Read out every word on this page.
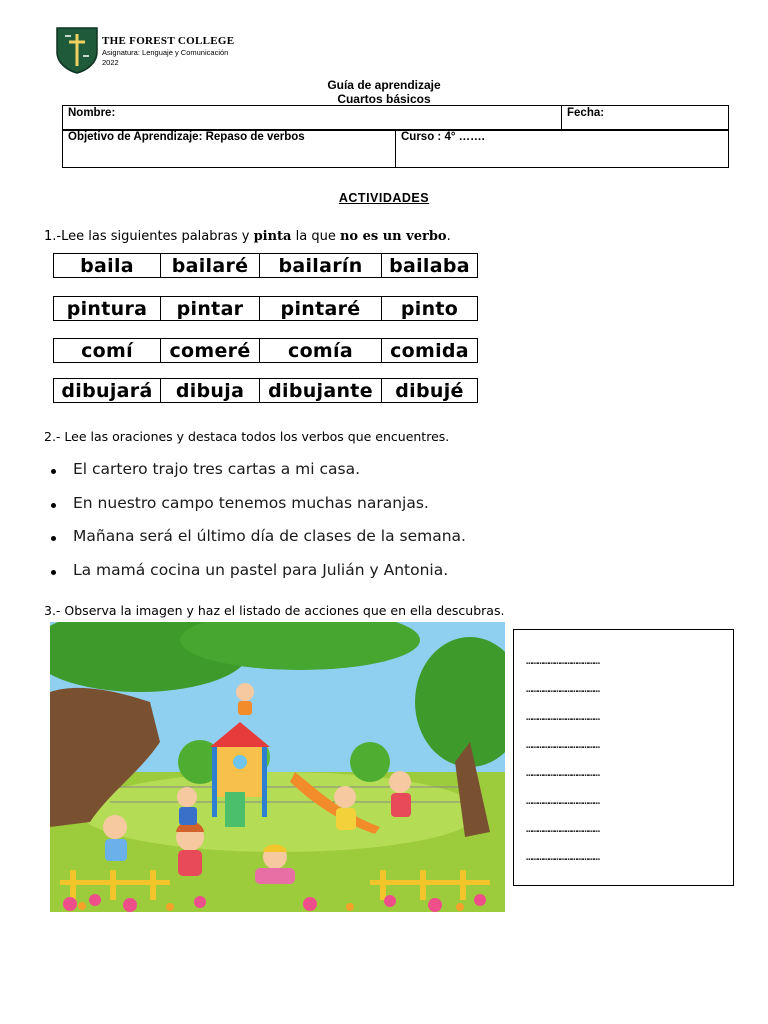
THE FOREST COLLEGE
Asignatura: Lenguaje y Comunicación
2022
Guía de aprendizaje
Cuartos básicos
Nombre:	Fecha:
Objetivo de Aprendizaje: Repaso de verbos	Curso : 4° …….
ACTIVIDADES
1.-Lee las siguientes palabras y pinta la que no es un verbo.
baila	bailaré	bailarín	bailaba
pintura	pintar	pintaré	pinto
comí	comeré	comía	comida
dibujará	dibuja	dibujante	dibujé
2.- Lee las oraciones y destaca todos los verbos que encuentres.
El cartero trajo tres cartas a mi casa.
En nuestro campo tenemos muchas naranjas.
Mañana será el último día de clases de la semana.
La mamá cocina un pastel para Julián y Antonia.
3.- Observa la imagen y haz el listado de acciones que en ella descubras.
…………………………………
…………………………………
…………………………………
…………………………………
…………………………………
…………………………………
…………………………………
…………………………………
